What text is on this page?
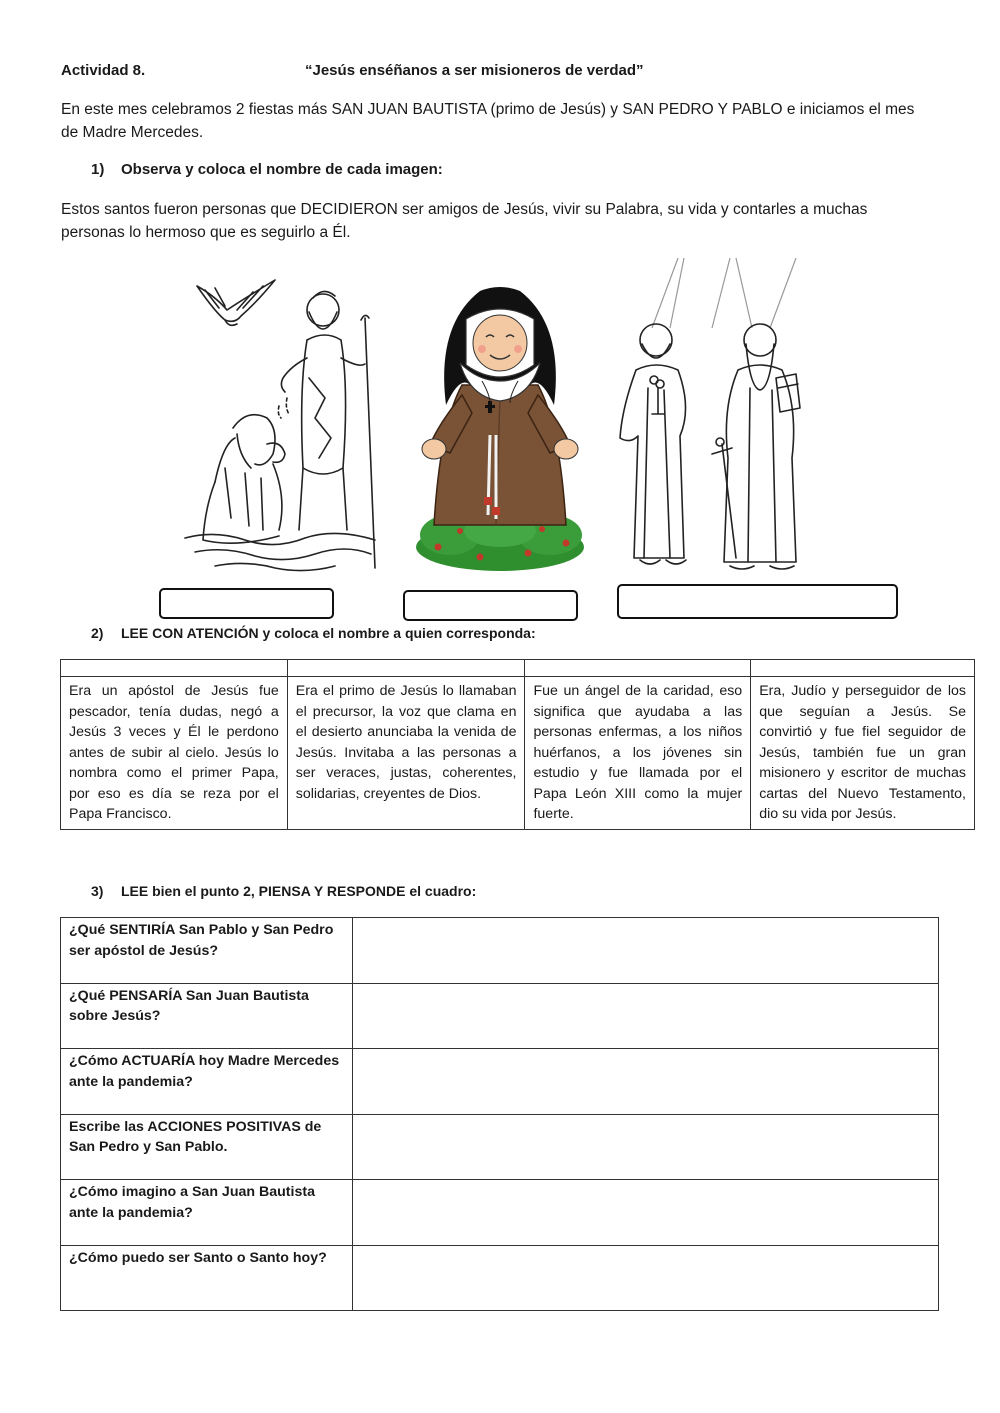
Actividad 8.	“Jesús enséñanos a ser misioneros de verdad”
En este mes celebramos 2 fiestas más SAN JUAN BAUTISTA (primo de Jesús) y SAN PEDRO Y PABLO e iniciamos el mes de Madre Mercedes.
1) Observa y coloca el nombre de cada imagen:
Estos santos fueron personas que DECIDIERON ser amigos de Jesús, vivir su Palabra, su vida y contarles a muchas personas lo hermoso que es seguirlo a Él.
2) LEE CON ATENCIÓN y coloca el nombre a quien corresponda:

Era un apóstol de Jesús fue pescador, tenía dudas, negó a Jesús 3 veces y Él le perdono antes de subir al cielo. Jesús lo nombra como el primer Papa, por eso es día se reza por el Papa Francisco.	Era el primo de Jesús lo llamaban el precursor, la voz que clama en el desierto anunciaba la venida de Jesús. Invitaba a las personas a ser veraces, justas, coherentes, solidarias, creyentes de Dios.	Fue un ángel de la caridad, eso significa que ayudaba a las personas enfermas, a los niños huérfanos, a los jóvenes sin estudio y fue llamada por el Papa León XIII como la mujer fuerte.	Era, Judío y perseguidor de los que seguían a Jesús. Se convirtió y fue fiel seguidor de Jesús, también fue un gran misionero y escritor de muchas cartas del Nuevo Testamento, dio su vida por Jesús.
3) LEE bien el punto 2, PIENSA Y RESPONDE el cuadro:
¿Qué SENTIRÍA San Pablo y San Pedro ser apóstol de Jesús?	
¿Qué PENSARÍA San Juan Bautista sobre Jesús?	
¿Cómo ACTUARÍA hoy Madre Mercedes ante la pandemia?	
Escribe las ACCIONES POSITIVAS de San Pedro y San Pablo.	
¿Cómo imagino a San Juan Bautista ante la pandemia?	
¿Cómo puedo ser Santo o Santo hoy?	
